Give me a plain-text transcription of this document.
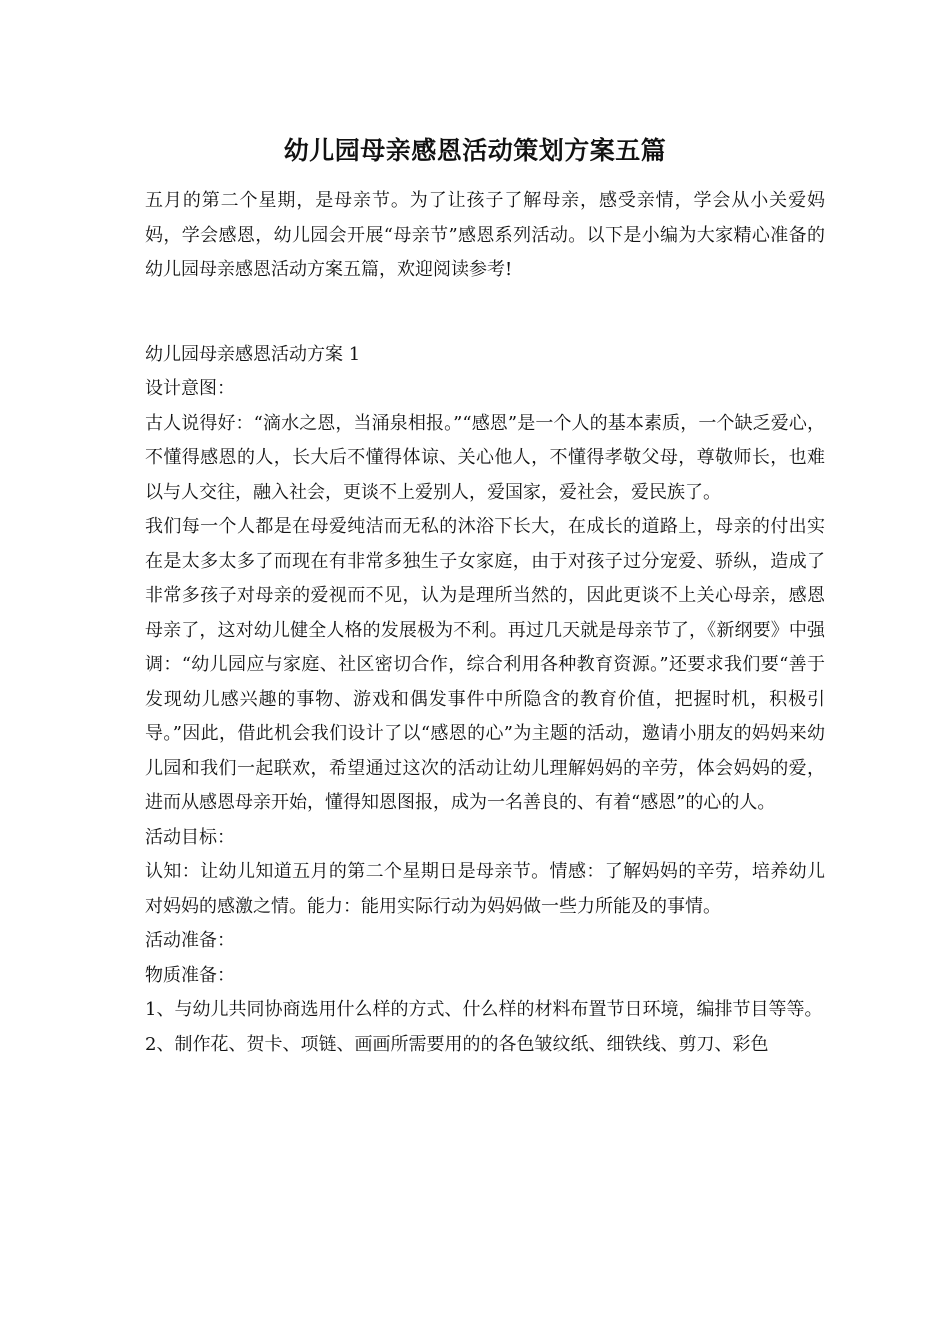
幼儿园母亲感恩活动策划方案五篇

五月的第二个星期，是母亲节。为了让孩子了解母亲，感受亲情，学会从小关爱妈妈，学会感恩，幼儿园会开展“母亲节”感恩系列活动。以下是小编为大家精心准备的幼儿园母亲感恩活动方案五篇，欢迎阅读参考!

幼儿园母亲感恩活动方案 1

设计意图：

古人说得好：“滴水之恩，当涌泉相报。”“感恩”是一个人的基本素质，一个缺乏爱心，不懂得感恩的人，长大后不懂得体谅、关心他人，不懂得孝敬父母，尊敬师长，也难以与人交往，融入社会，更谈不上爱别人，爱国家，爱社会，爱民族了。

我们每一个人都是在母爱纯洁而无私的沐浴下长大，在成长的道路上，母亲的付出实在是太多太多了而现在有非常多独生子女家庭，由于对孩子过分宠爱、骄纵，造成了非常多孩子对母亲的爱视而不见，认为是理所当然的，因此更谈不上关心母亲，感恩母亲了，这对幼儿健全人格的发展极为不利。再过几天就是母亲节了，《新纲要》中强调：“幼儿园应与家庭、社区密切合作，综合利用各种教育资源。”还要求我们要“善于发现幼儿感兴趣的事物、游戏和偶发事件中所隐含的教育价值，把握时机，积极引导。”因此，借此机会我们设计了以“感恩的心”为主题的活动，邀请小朋友的妈妈来幼儿园和我们一起联欢，希望通过这次的活动让幼儿理解妈妈的辛劳，体会妈妈的爱，进而从感恩母亲开始，懂得知恩图报，成为一名善良的、有着“感恩”的心的人。

活动目标：

认知：让幼儿知道五月的第二个星期日是母亲节。情感：了解妈妈的辛劳，培养幼儿对妈妈的感激之情。能力：能用实际行动为妈妈做一些力所能及的事情。

活动准备：

物质准备：

1、与幼儿共同协商选用什么样的方式、什么样的材料布置节日环境，编排节目等等。

2、制作花、贺卡、项链、画画所需要用的的各色皱纹纸、细铁线、剪刀、彩色
